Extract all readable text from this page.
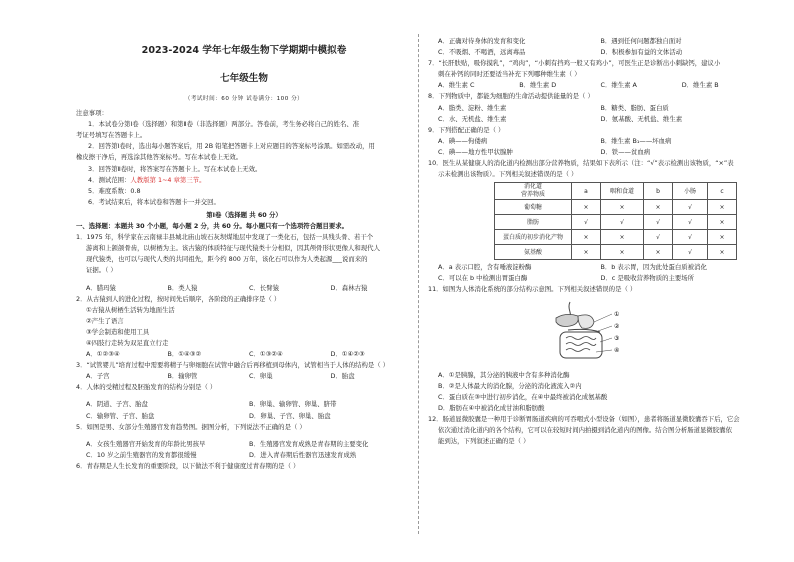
2023-2024 学年七年级生物下学期期中模拟卷
七年级生物
（考试时间：60 分钟 试卷满分：100 分）
注意事项：
1．本试卷分第Ⅰ卷（选择题）和第Ⅱ卷（非选择题）两部分。答卷前，考生务必将自己的姓名、准
考证号填写在答题卡上。
2．回答第Ⅰ卷时，选出每小题答案后，用 2B 铅笔把答题卡上对应题目的答案标号涂黑。如需改动，用
橡皮擦干净后，再选涂其他答案标号。写在本试卷上无效。
3．回答第Ⅱ卷时，将答案写在答题卡上。写在本试卷上无效。
4．测试范围：人教版第 1~4 章第三节。
5．难度系数：0.8
6．考试结束后，将本试卷和答题卡一并交回。
第Ⅰ卷（选择题 共 60 分）
一、选择题：本题共 30 个小题，每小题 2 分，共 60 分。每小题只有一个选项符合题目要求。
1．1975 年，科学家在云南禄丰县城北庙山坡石灰坝煤地层中发现了一类化石，包括一具残头骨、若干个
游离和上颌颌骨齿，以树栖为主。该古猿的体质特征与现代猿类十分相似，因其颅骨形状更像人和现代人
现代猿类，也可以与现代人类的共同祖先，距今约 800 万年，该化石可以作为人类起源___说而来的
证据。（ ）
A．腊玛猿	B．类人猿	C．长臂猿	D．森林古猿
2．从古猿到人的进化过程，按时间先后顺序，各阶段的正确排序是（ ）
①古猿从树栖生活转为地面生活
②产生了语言
③学会制造和使用工具
④四肢行走转为双足直立行走
A．①②③④	B．①④③②	C．①③②④	D．①④②③
3．“试管婴儿”培育过程中需要将精子与卵细胞在试管中融合后再移植到母体内，试管相当于人体的结构是（ ）
A．子宫	B．输卵管	C．卵巢	D．胎盘
4．人体的受精过程及胚胎发育的结构分别是（ ）
A．阴道、子宫、胎盘	B．卵巢、输卵管、卵巢、脐带
C．输卵管、子宫、胎盘	D．卵巢、子宫、卵巢、胎盘
5．如图是男、女部分生殖器官发育趋势图。据图分析，下列说法不正确的是（ ）
A．女孩生殖器官开始发育的年龄比男孩早	B．生殖器官发育成熟是青春期的主要变化
C．10 岁之前生殖器官的发育都很缓慢	D．进入青春期后性器官迅速发育成熟
6．青春期是人生长发育的重要阶段，以下做法不利于健康度过青春期的是（ ）
A．正确对待身体的发育和变化	B．遇到任何问题都独自面对
C．不吸烟、不喝酒，远离毒品	D．积极参加有益的文体活动
7．“长肝肤贴，吸你摸乳”，“鸡肉”，“小刺有挡鸡一般又有鸡小”，可医生正是诊断出小刺缺钙，建议小
刺在补钙的同时还要适当补充下列哪种维生素（ ）
A．维生素 C	B．维生素 D	C．维生素 A	D．维生素 B
8．下列物质中，都能为细胞的生命活动提供能量的是（ ）
A．脂类、淀粉、维生素	B．糖类、脂肪、蛋白质
C．水、无机盐、维生素	D．氨基酸、无机盐、维生素
9．下列搭配正确的是（ ）
A．碘——佝偻病	B．维生素 B₁——坏血病
C．碘——地方性甲状腺肿	D．铁——贫血病
10．医生从某健康人的消化道内检测出部分营养物质，结果如下表所示（注：“√”表示检测出该物质，“×”表
示未检测出该物质）。下列相关叙述错误的是（ ）
消化道
营养物质	a	咽和食道	b	小肠	c
葡萄糖	×	×	×	√	×
脂肪	√	√	√	√	×
蛋白质的初步消化产物	×	×	√	√	×
氨基酸	×	×	×	√	×
A．a 表示口腔，含有唾液淀粉酶	B．b 表示胃，因为此处蛋白质被消化
C．可以在 b 中检测出胃蛋白酶	D．c 是吸收营养物质的主要场所
11．如图为人体消化系统的部分结构示意图。下列相关叙述错误的是（ ）
①
②
③
④
A．①是胰腺，其分泌的胰液中含有多种消化酶
B．②是人体最大的消化腺，分泌的消化液流入②内
C．蛋白质在③中进行初步消化，在④中最终被消化成氨基酸
D．脂肪在④中被消化成甘油和脂肪酸
12．肠道显微胶囊是一种用于诊断胃肠道疾病的可吞咽式小型设备（如图），患者将肠道显微胶囊吞下后，它会
依次通过消化道内的各个结构，它可以在较短时间内拍摄到消化道内的图像。结合图分析肠道显微胶囊依
能到达，下列叙述正确的是（ ）
